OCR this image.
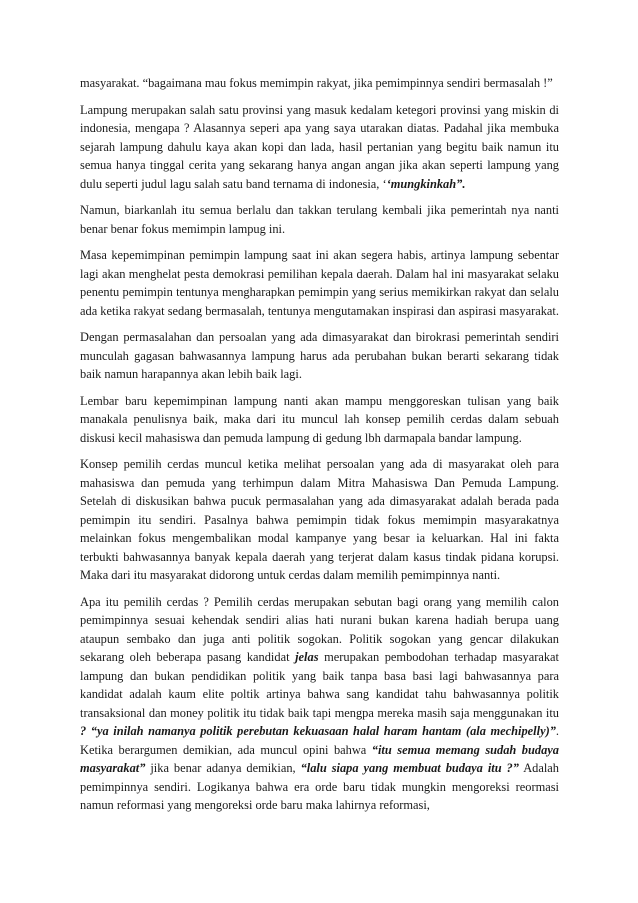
masyarakat. “bagaimana mau fokus memimpin rakyat, jika pemimpinnya sendiri bermasalah !”

Lampung merupakan salah satu provinsi yang masuk kedalam ketegori provinsi yang miskin di indonesia, mengapa ? Alasannya seperi apa yang saya utarakan diatas. Padahal jika membuka sejarah lampung dahulu kaya akan kopi dan lada, hasil pertanian yang begitu baik namun itu semua hanya tinggal cerita yang sekarang hanya angan angan jika akan seperti lampung yang dulu seperti judul lagu salah satu band ternama di indonesia, ‘‘mungkinkah”.

Namun, biarkanlah itu semua berlalu dan takkan terulang kembali jika pemerintah nya nanti benar benar fokus memimpin lampug ini.

Masa kepemimpinan pemimpin lampung saat ini akan segera habis, artinya lampung sebentar lagi akan menghelat pesta demokrasi pemilihan kepala daerah. Dalam hal ini masyarakat selaku penentu pemimpin tentunya mengharapkan pemimpin yang serius memikirkan rakyat dan selalu ada ketika rakyat sedang bermasalah, tentunya mengutamakan inspirasi dan aspirasi masyarakat.

Dengan permasalahan dan persoalan yang ada dimasyarakat dan birokrasi pemerintah sendiri munculah gagasan bahwasannya lampung harus ada perubahan bukan berarti sekarang tidak baik namun harapannya akan lebih baik lagi.

Lembar baru kepemimpinan lampung nanti akan mampu menggoreskan tulisan yang baik manakala penulisnya baik, maka dari itu muncul lah konsep pemilih cerdas dalam sebuah diskusi kecil mahasiswa dan pemuda lampung di gedung lbh darmapala bandar lampung.

Konsep pemilih cerdas muncul ketika melihat persoalan yang ada di masyarakat oleh para mahasiswa dan pemuda yang terhimpun dalam Mitra Mahasiswa Dan Pemuda Lampung. Setelah di diskusikan bahwa pucuk permasalahan yang ada dimasyarakat adalah berada pada pemimpin itu sendiri. Pasalnya bahwa pemimpin tidak fokus memimpin masyarakatnya melainkan fokus mengembalikan modal kampanye yang besar ia keluarkan. Hal ini fakta terbukti bahwasannya banyak kepala daerah yang terjerat dalam kasus tindak pidana korupsi. Maka dari itu masyarakat didorong untuk cerdas dalam memilih pemimpinnya nanti.

Apa itu pemilih cerdas ? Pemilih cerdas merupakan sebutan bagi orang yang memilih calon pemimpinnya sesuai kehendak sendiri alias hati nurani bukan karena hadiah berupa uang ataupun sembako dan juga anti politik sogokan. Politik sogokan yang gencar dilakukan sekarang oleh beberapa pasang kandidat jelas merupakan pembodohan terhadap masyarakat lampung dan bukan pendidikan politik yang baik tanpa basa basi lagi bahwasannya para kandidat adalah kaum elite poltik artinya bahwa sang kandidat tahu bahwasannya politik transaksional dan money politik itu tidak baik tapi mengpa mereka masih saja menggunakan itu ? “ya inilah namanya politik perebutan kekuasaan halal haram hantam (ala mechipelly)”. Ketika berargumen demikian, ada muncul opini bahwa “itu semua memang sudah budaya masyarakat” jika benar adanya demikian, “lalu siapa yang membuat budaya itu ?” Adalah pemimpinnya sendiri. Logikanya bahwa era orde baru tidak mungkin mengoreksi reormasi namun reformasi yang mengoreksi orde baru maka lahirnya reformasi,
